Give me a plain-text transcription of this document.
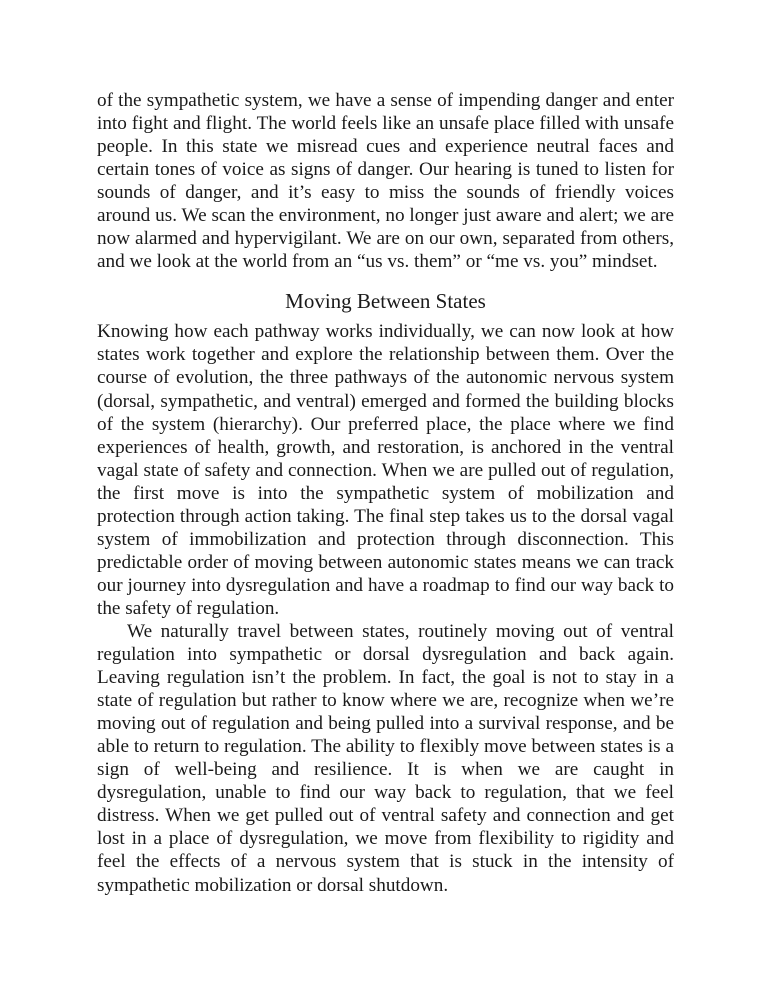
of the sympathetic system, we have a sense of impending danger and enter into fight and flight. The world feels like an unsafe place filled with unsafe people. In this state we misread cues and experience neutral faces and certain tones of voice as signs of danger. Our hearing is tuned to listen for sounds of danger, and it’s easy to miss the sounds of friendly voices around us. We scan the environment, no longer just aware and alert; we are now alarmed and hypervigilant. We are on our own, separated from others, and we look at the world from an “us vs. them” or “me vs. you” mindset.

Moving Between States

Knowing how each pathway works individually, we can now look at how states work together and explore the relationship between them. Over the course of evolution, the three pathways of the autonomic nervous system (dorsal, sympathetic, and ventral) emerged and formed the building blocks of the system (hierarchy). Our preferred place, the place where we find experiences of health, growth, and restoration, is anchored in the ventral vagal state of safety and connection. When we are pulled out of regulation, the first move is into the sympathetic system of mobilization and protection through action taking. The final step takes us to the dorsal vagal system of immobilization and protection through disconnection. This predictable order of moving between autonomic states means we can track our journey into dysregulation and have a roadmap to find our way back to the safety of regulation.

We naturally travel between states, routinely moving out of ventral regulation into sympathetic or dorsal dysregulation and back again. Leaving regulation isn’t the problem. In fact, the goal is not to stay in a state of regulation but rather to know where we are, recognize when we’re moving out of regulation and being pulled into a survival response, and be able to return to regulation. The ability to flexibly move between states is a sign of well-being and resilience. It is when we are caught in dysregulation, unable to find our way back to regulation, that we feel distress. When we get pulled out of ventral safety and connection and get lost in a place of dysregulation, we move from flexibility to rigidity and feel the effects of a nervous system that is stuck in the intensity of sympathetic mobilization or dorsal shutdown.
